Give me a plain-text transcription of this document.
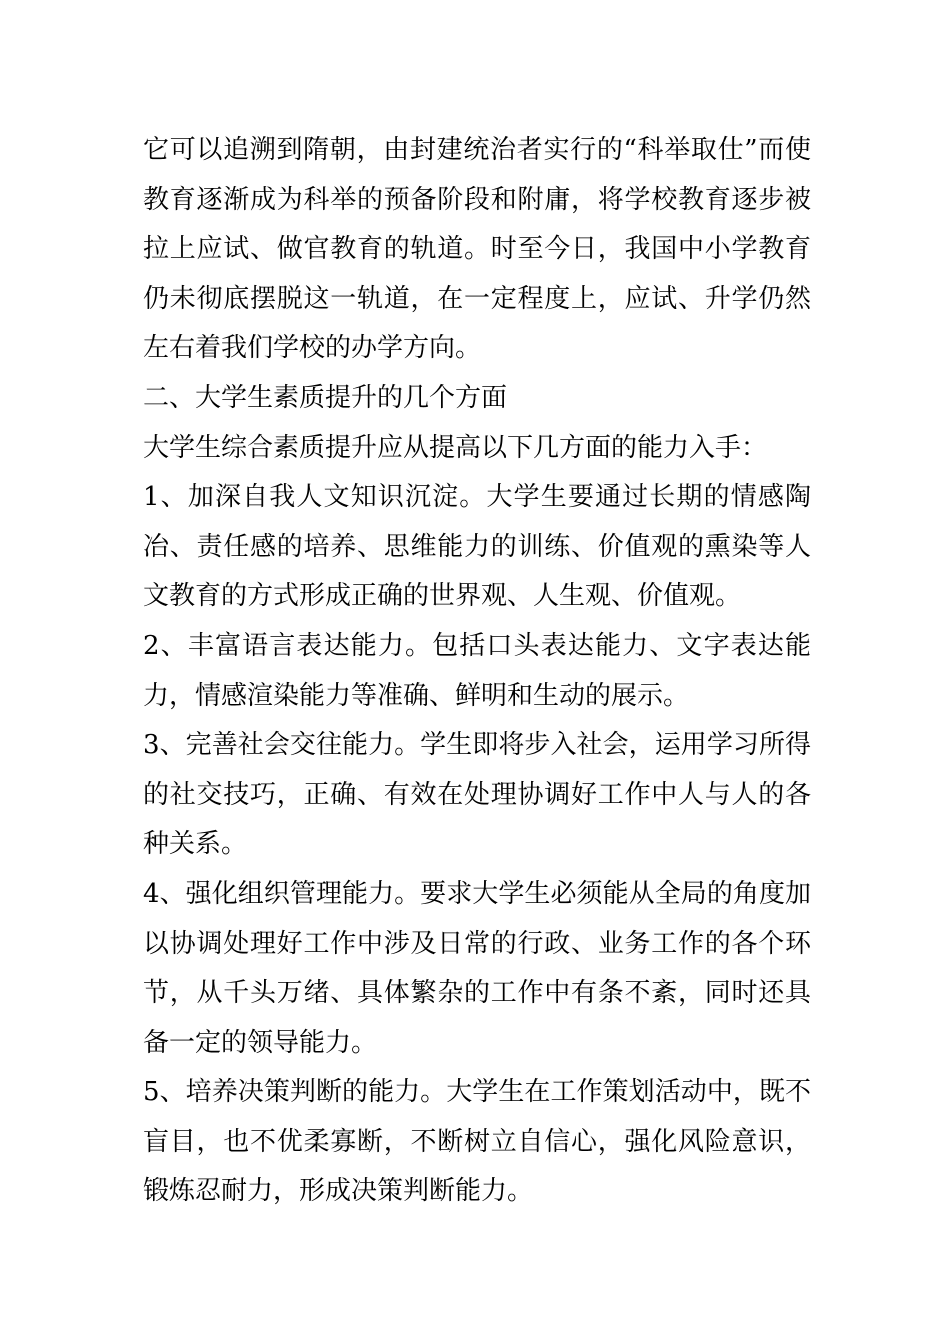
它可以追溯到隋朝，由封建统治者实行的“科举取仕”而使教育逐渐成为科举的预备阶段和附庸，将学校教育逐步被拉上应试、做官教育的轨道。时至今日，我国中小学教育仍未彻底摆脱这一轨道，在一定程度上，应试、升学仍然左右着我们学校的办学方向。

二、大学生素质提升的几个方面

大学生综合素质提升应从提高以下几方面的能力入手：

1、加深自我人文知识沉淀。大学生要通过长期的情感陶冶、责任感的培养、思维能力的训练、价值观的熏染等人文教育的方式形成正确的世界观、人生观、价值观。

2、丰富语言表达能力。包括口头表达能力、文字表达能力，情感渲染能力等准确、鲜明和生动的展示。

3、完善社会交往能力。学生即将步入社会，运用学习所得的社交技巧，正确、有效在处理协调好工作中人与人的各种关系。

4、强化组织管理能力。要求大学生必须能从全局的角度加以协调处理好工作中涉及日常的行政、业务工作的各个环节，从千头万绪、具体繁杂的工作中有条不紊，同时还具备一定的领导能力。

5、培养决策判断的能力。大学生在工作策划活动中，既不盲目，也不优柔寡断，不断树立自信心，强化风险意识，锻炼忍耐力，形成决策判断能力。
